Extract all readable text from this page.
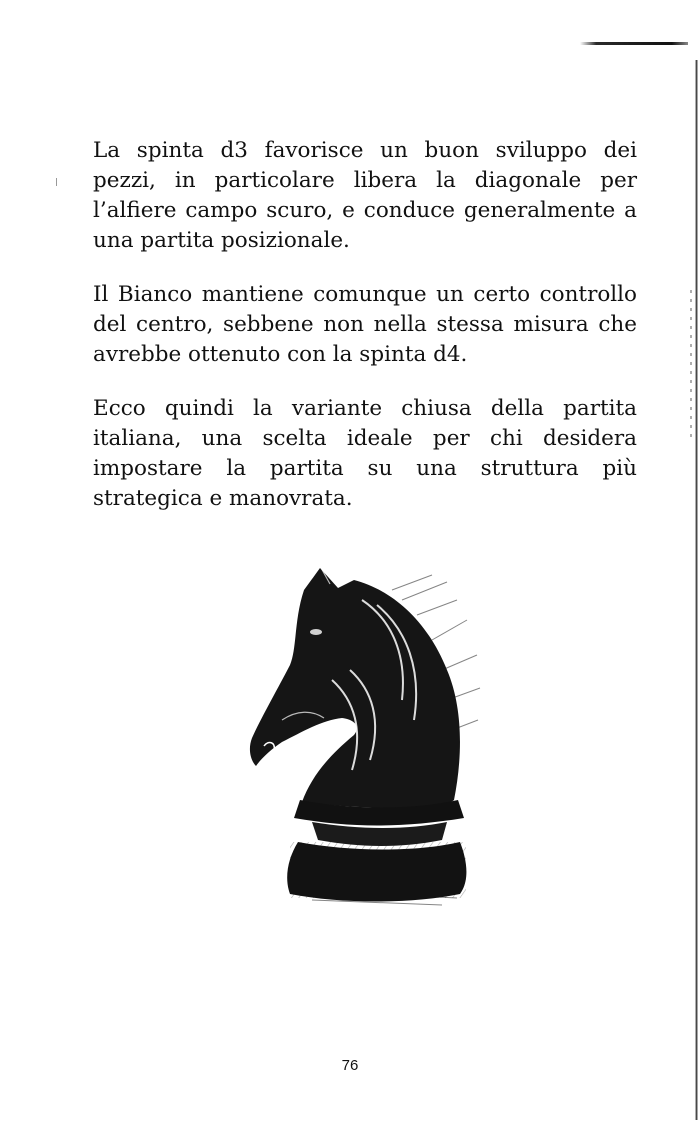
La spinta d3 favorisce un buon sviluppo dei pezzi, in particolare libera la diagonale per l’alfiere campo scuro, e conduce generalmente a una partita posizionale.

Il Bianco mantiene comunque un certo controllo del centro, sebbene non nella stessa misura che avrebbe ottenuto con la spinta d4.

Ecco quindi la variante chiusa della partita italiana, una scelta ideale per chi desidera impostare la partita su una struttura più strategica e manovrata.

76
